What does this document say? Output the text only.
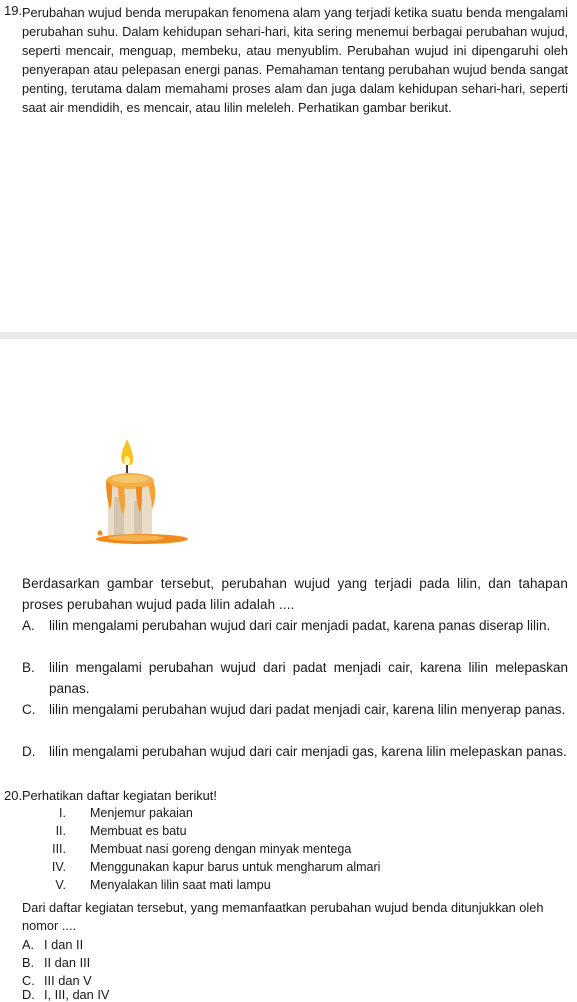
19. Perubahan wujud benda merupakan fenomena alam yang terjadi ketika suatu benda mengalami perubahan suhu. Dalam kehidupan sehari-hari, kita sering menemui berbagai perubahan wujud, seperti mencair, menguap, membeku, atau menyublim. Perubahan wujud ini dipengaruhi oleh penyerapan atau pelepasan energi panas. Pemahaman tentang perubahan wujud benda sangat penting, terutama dalam memahami proses alam dan juga dalam kehidupan sehari-hari, seperti saat air mendidih, es mencair, atau lilin meleleh. Perhatikan gambar berikut.
Berdasarkan gambar tersebut, perubahan wujud yang terjadi pada lilin, dan tahapan proses perubahan wujud pada lilin adalah ....
A.	lilin mengalami perubahan wujud dari cair menjadi padat, karena panas diserap lilin.
B.	lilin mengalami perubahan wujud dari padat menjadi cair, karena lilin melepaskan panas.
C.	lilin mengalami perubahan wujud dari padat menjadi cair, karena lilin menyerap panas.
D.	lilin mengalami perubahan wujud dari cair menjadi gas, karena lilin melepaskan panas.
20. Perhatikan daftar kegiatan berikut!
I. Menjemur pakaian
II. Membuat es batu
III. Membuat nasi goreng dengan minyak mentega
IV. Menggunakan kapur barus untuk mengharum almari
V. Menyalakan lilin saat mati lampu
Dari daftar kegiatan tersebut, yang memanfaatkan perubahan wujud benda ditunjukkan oleh nomor ....
A. I dan II
B. II dan III
C. III dan V
D. I, III, dan IV
